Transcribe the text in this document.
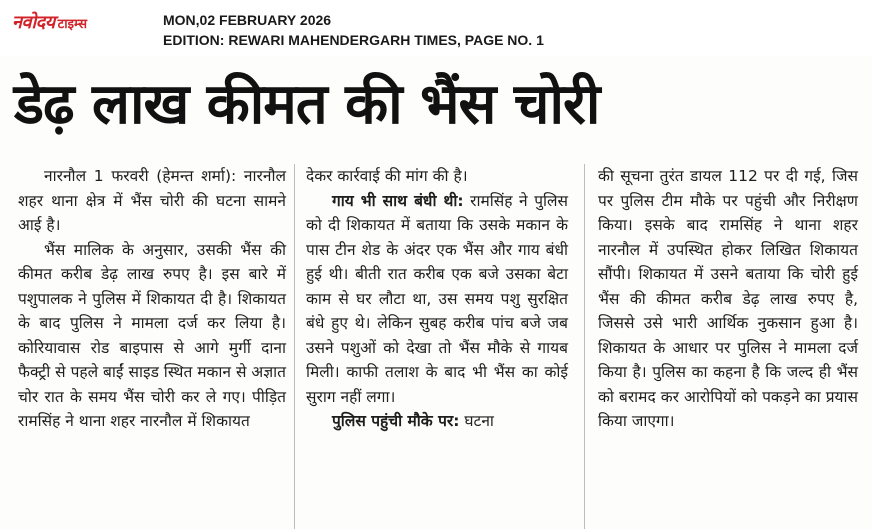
नवोदय टाइम्स	MON,02 FEBRUARY 2026
EDITION: REWARI MAHENDERGARH TIMES, PAGE NO. 1
डेढ़ लाख कीमत की भैंस चोरी

नारनौल 1 फरवरी (हेमन्त शर्मा): नारनौल शहर थाना क्षेत्र में भैंस चोरी की घटना सामने आई है।

भैंस मालिक के अनुसार, उसकी भैंस की कीमत करीब डेढ़ लाख रुपए है। इस बारे में पशुपालक ने पुलिस में शिकायत दी है। शिकायत के बाद पुलिस ने मामला दर्ज कर लिया है। कोरियावास रोड बाइपास से आगे मुर्गी दाना फैक्ट्री से पहले बाईं साइड स्थित मकान से अज्ञात चोर रात के समय भैंस चोरी कर ले गए। पीड़ित रामसिंह ने थाना शहर नारनौल में शिकायत

देकर कार्रवाई की मांग की है।

गाय भी साथ बंधी थी: रामसिंह ने पुलिस को दी शिकायत में बताया कि उसके मकान के पास टीन शेड के अंदर एक भैंस और गाय बंधी हुई थी। बीती रात करीब एक बजे उसका बेटा काम से घर लौटा था, उस समय पशु सुरक्षित बंधे हुए थे। लेकिन सुबह करीब पांच बजे जब उसने पशुओं को देखा तो भैंस मौके से गायब मिली। काफी तलाश के बाद भी भैंस का कोई सुराग नहीं लगा।

पुलिस पहुंची मौके पर: घटना

की सूचना तुरंत डायल 112 पर दी गई, जिस पर पुलिस टीम मौके पर पहुंची और निरीक्षण किया। इसके बाद रामसिंह ने थाना शहर नारनौल में उपस्थित होकर लिखित शिकायत सौंपी। शिकायत में उसने बताया कि चोरी हुई भैंस की कीमत करीब डेढ़ लाख रुपए है, जिससे उसे भारी आर्थिक नुकसान हुआ है। शिकायत के आधार पर पुलिस ने मामला दर्ज किया है। पुलिस का कहना है कि जल्द ही भैंस को बरामद कर आरोपियों को पकड़ने का प्रयास किया जाएगा।
